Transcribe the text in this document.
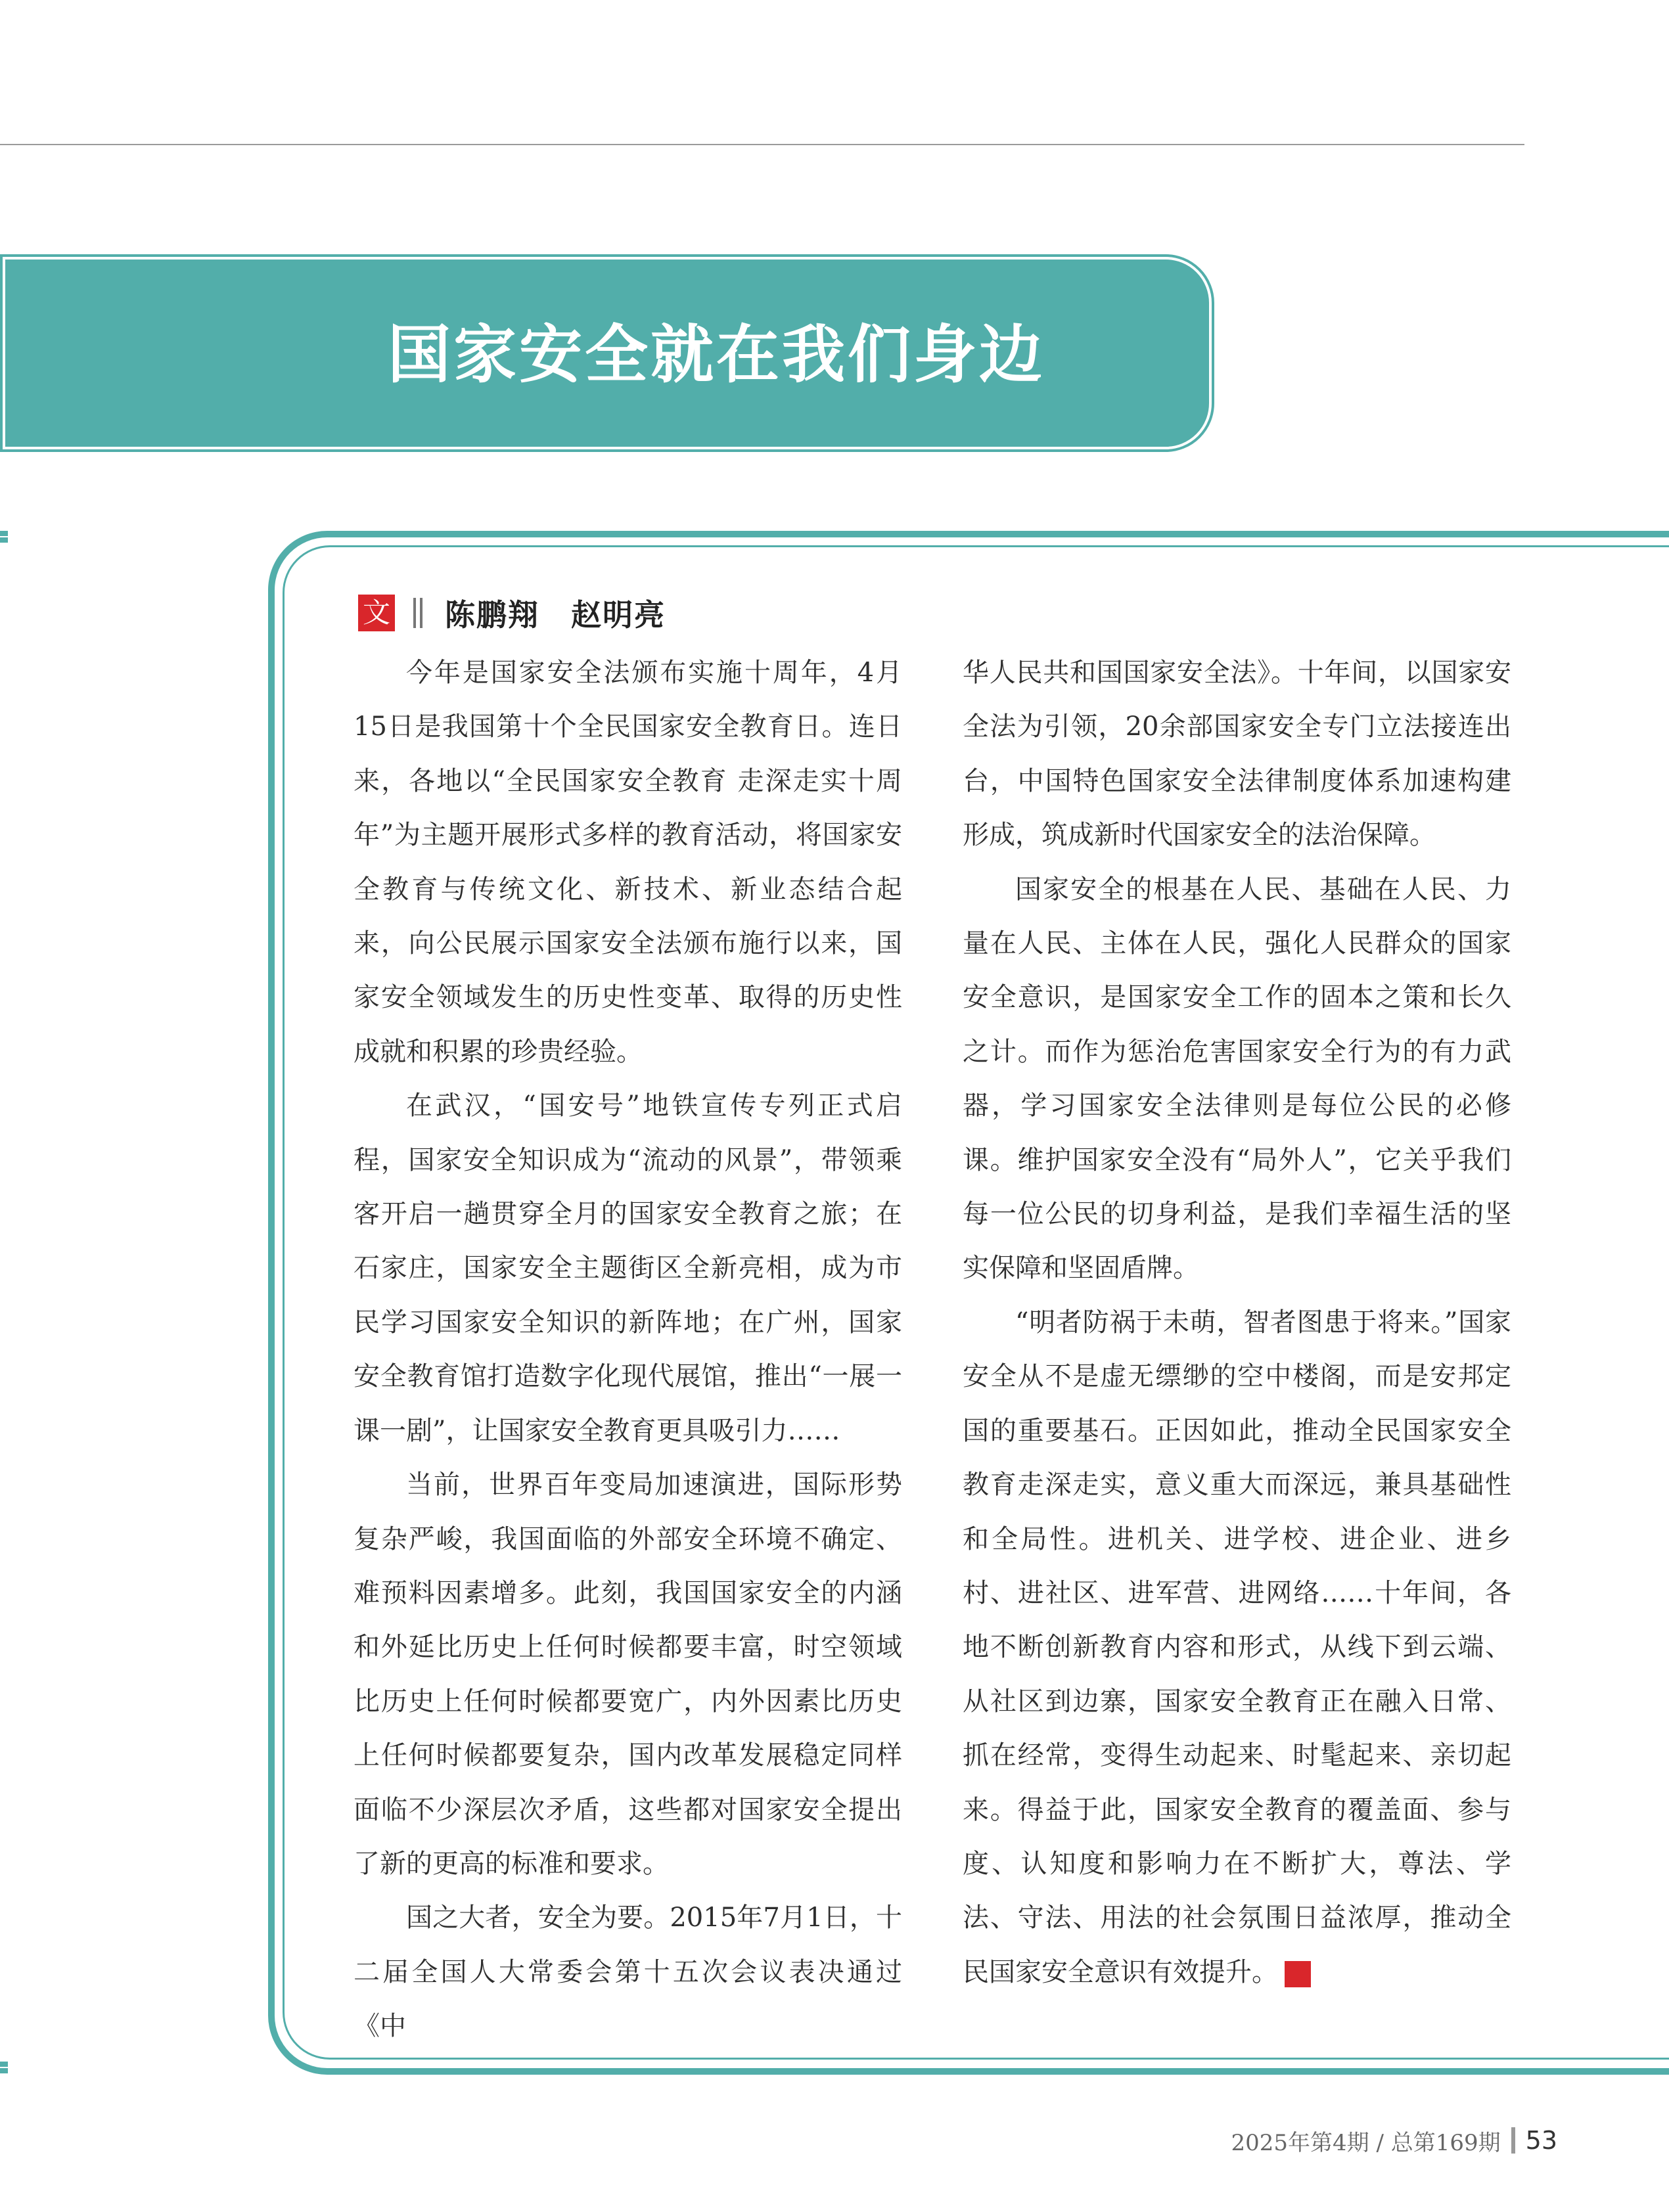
国家安全就在我们身边
文 陈鹏翔　赵明亮

今年是国家安全法颁布实施十周年，4月15日是我国第十个全民国家安全教育日。连日来，各地以“全民国家安全教育 走深走实十周年”为主题开展形式多样的教育活动，将国家安全教育与传统文化、新技术、新业态结合起来，向公民展示国家安全法颁布施行以来，国家安全领域发生的历史性变革、取得的历史性成就和积累的珍贵经验。

在武汉，“国安号”地铁宣传专列正式启程，国家安全知识成为“流动的风景”，带领乘客开启一趟贯穿全月的国家安全教育之旅；在石家庄，国家安全主题街区全新亮相，成为市民学习国家安全知识的新阵地；在广州，国家安全教育馆打造数字化现代展馆，推出“一展一课一剧”，让国家安全教育更具吸引力……

当前，世界百年变局加速演进，国际形势复杂严峻，我国面临的外部安全环境不确定、难预料因素增多。此刻，我国国家安全的内涵和外延比历史上任何时候都要丰富，时空领域比历史上任何时候都要宽广，内外因素比历史上任何时候都要复杂，国内改革发展稳定同样面临不少深层次矛盾，这些都对国家安全提出了新的更高的标准和要求。

国之大者，安全为要。2015年7月1日，十二届全国人大常委会第十五次会议表决通过《中

华人民共和国国家安全法》。十年间，以国家安全法为引领，20余部国家安全专门立法接连出台，中国特色国家安全法律制度体系加速构建形成，筑成新时代国家安全的法治保障。

国家安全的根基在人民、基础在人民、力量在人民、主体在人民，强化人民群众的国家安全意识，是国家安全工作的固本之策和长久之计。而作为惩治危害国家安全行为的有力武器，学习国家安全法律则是每位公民的必修课。维护国家安全没有“局外人”，它关乎我们每一位公民的切身利益，是我们幸福生活的坚实保障和坚固盾牌。

“明者防祸于未萌，智者图患于将来。”国家安全从不是虚无缥缈的空中楼阁，而是安邦定国的重要基石。正因如此，推动全民国家安全教育走深走实，意义重大而深远，兼具基础性和全局性。进机关、进学校、进企业、进乡村、进社区、进军营、进网络……十年间，各地不断创新教育内容和形式，从线下到云端、从社区到边寨，国家安全教育正在融入日常、抓在经常，变得生动起来、时髦起来、亲切起来。得益于此，国家安全教育的覆盖面、参与度、认知度和影响力在不断扩大，尊法、学法、守法、用法的社会氛围日益浓厚，推动全民国家安全意识有效提升。	G

2025年第4期 / 总第169期 53
